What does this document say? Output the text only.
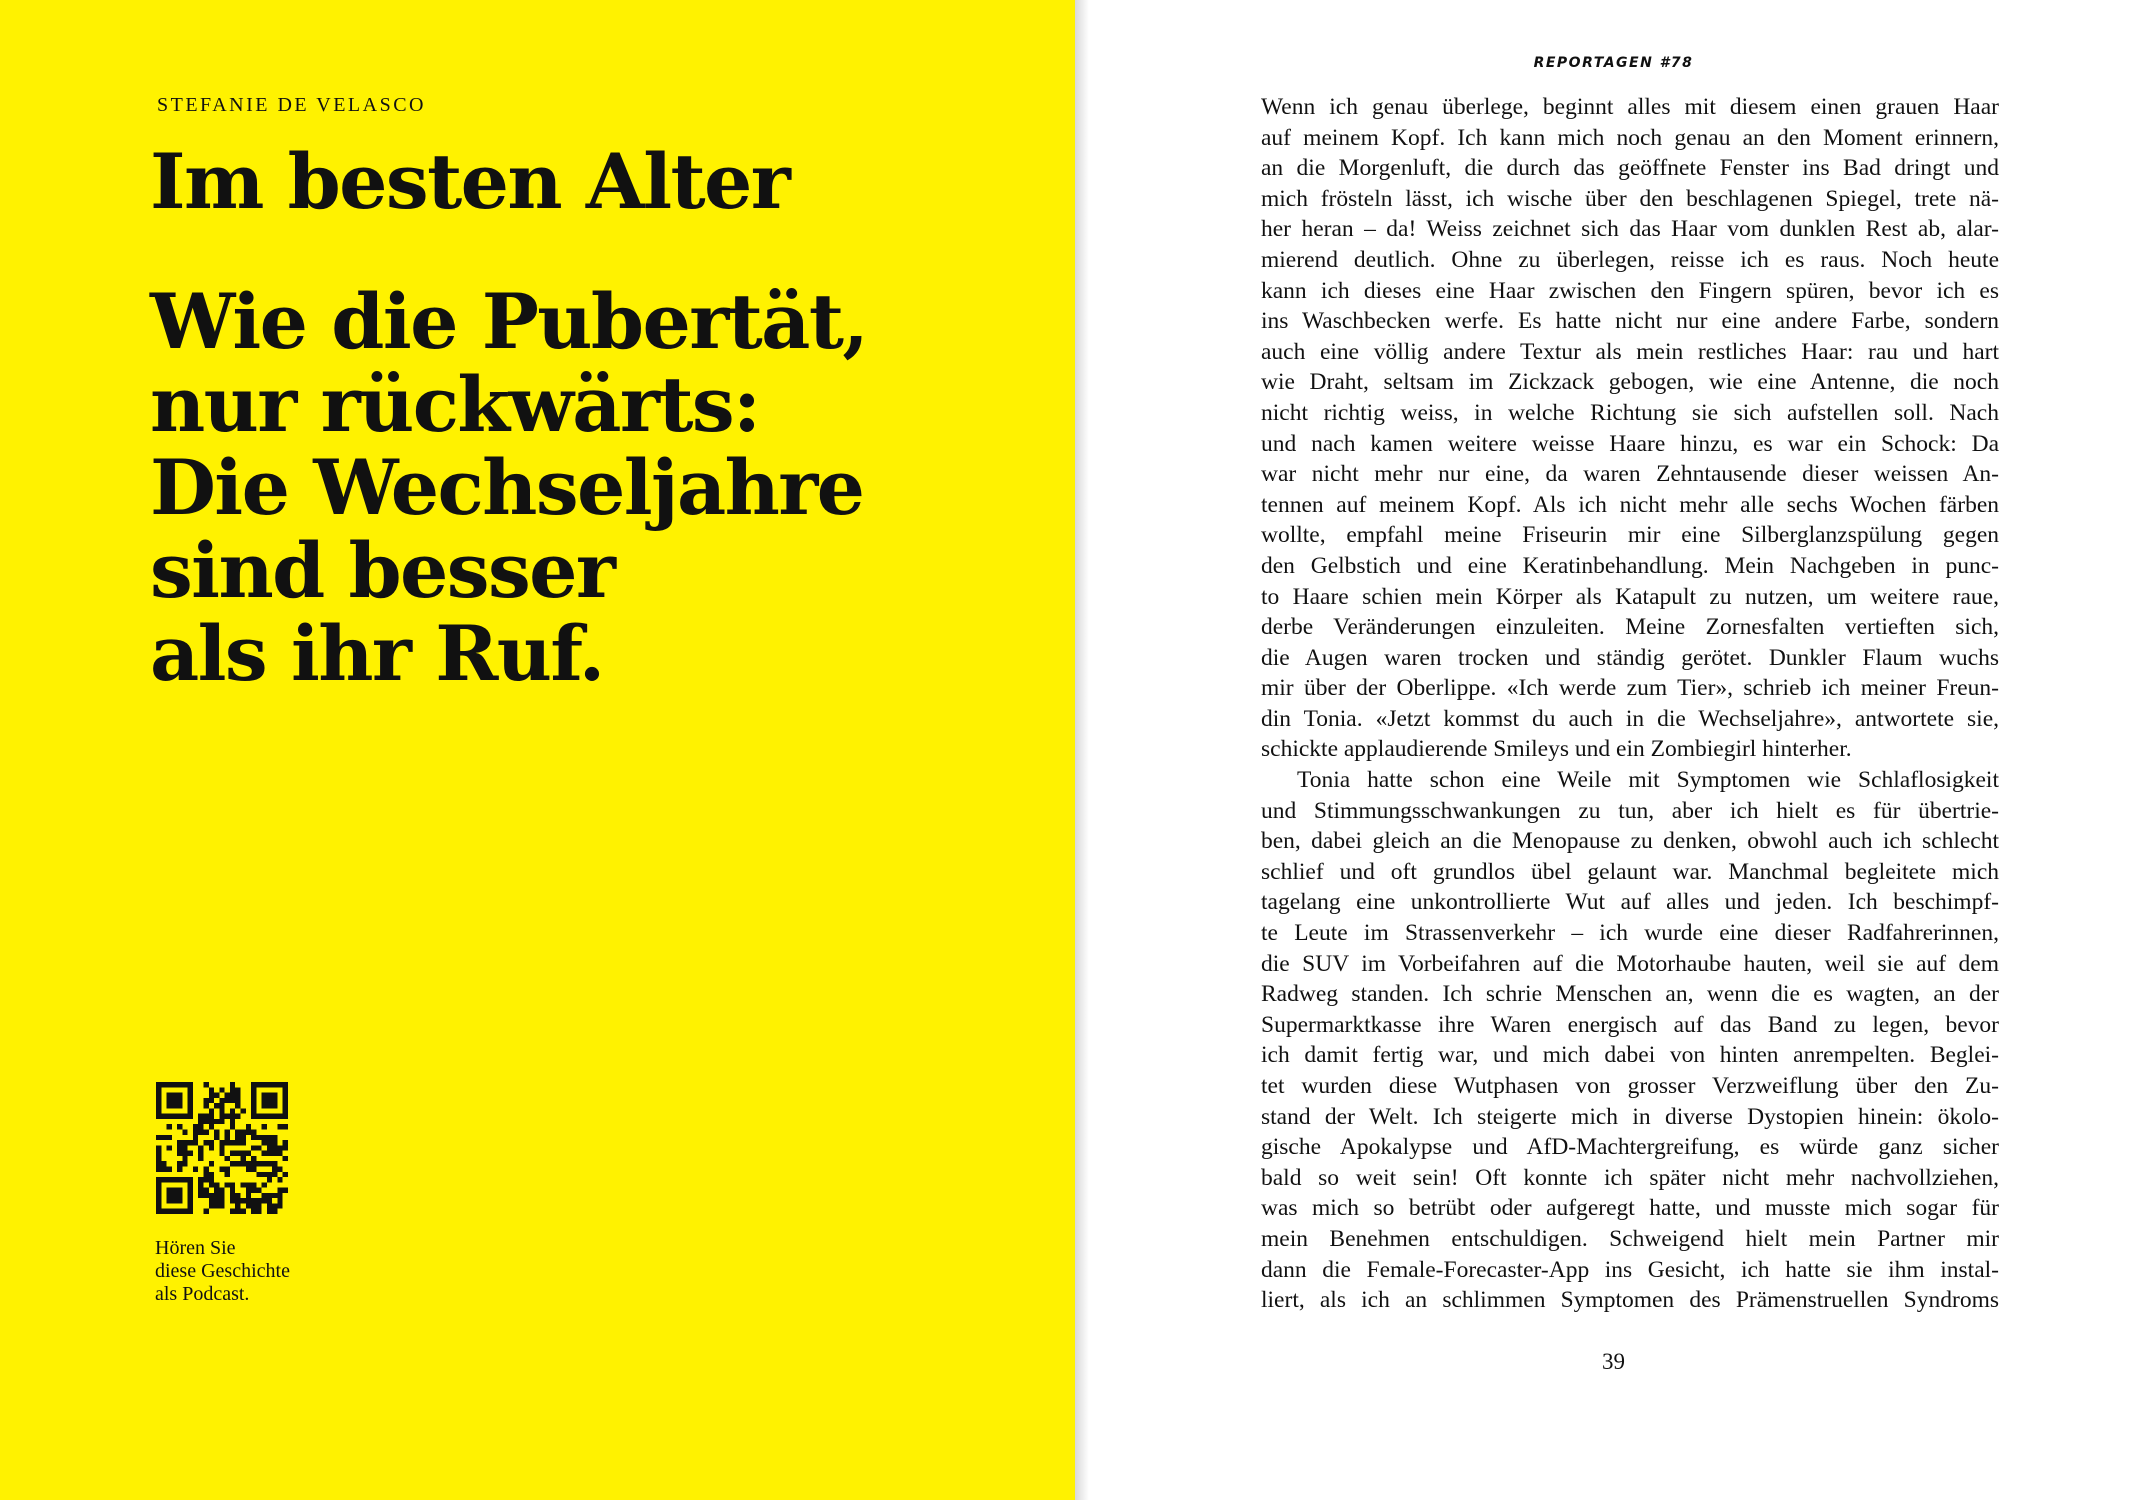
STEFANIE DE VELASCO
Im besten Alter
Wie die Pubertät,
nur rückwärts:
Die Wechseljahre
sind besser
als ihr Ruf.
Hören Sie
diese Geschichte
als Podcast.
REPORTAGEN #78
Wenn ich genau überlege, beginnt alles mit diesem einen grauen Haar
auf meinem Kopf. Ich kann mich noch genau an den Moment erinnern,
an die Morgenluft, die durch das geöffnete Fenster ins Bad dringt und
mich frösteln lässt, ich wische über den beschlagenen Spiegel, trete nä-
her heran – da! Weiss zeichnet sich das Haar vom dunklen Rest ab, alar-
mierend deutlich. Ohne zu überlegen, reisse ich es raus. Noch heute
kann ich dieses eine Haar zwischen den Fingern spüren, bevor ich es
ins Waschbecken werfe. Es hatte nicht nur eine andere Farbe, sondern
auch eine völlig andere Textur als mein restliches Haar: rau und hart
wie Draht, seltsam im Zickzack gebogen, wie eine Antenne, die noch
nicht richtig weiss, in welche Richtung sie sich aufstellen soll. Nach
und nach kamen weitere weisse Haare hinzu, es war ein Schock: Da
war nicht mehr nur eine, da waren Zehntausende dieser weissen An-
tennen auf meinem Kopf. Als ich nicht mehr alle sechs Wochen färben
wollte, empfahl meine Friseurin mir eine Silberglanzspülung gegen
den Gelbstich und eine Keratinbehandlung. Mein Nachgeben in punc-
to Haare schien mein Körper als Katapult zu nutzen, um weitere raue,
derbe Veränderungen einzuleiten. Meine Zornesfalten vertieften sich,
die Augen waren trocken und ständig gerötet. Dunkler Flaum wuchs
mir über der Oberlippe. «Ich werde zum Tier», schrieb ich meiner Freun-
din Tonia. «Jetzt kommst du auch in die Wechseljahre», antwortete sie,
schickte applaudierende Smileys und ein Zombiegirl hinterher.
Tonia hatte schon eine Weile mit Symptomen wie Schlaflosigkeit
und Stimmungsschwankungen zu tun, aber ich hielt es für übertrie-
ben, dabei gleich an die Menopause zu denken, obwohl auch ich schlecht
schlief und oft grundlos übel gelaunt war. Manchmal begleitete mich
tagelang eine unkontrollierte Wut auf alles und jeden. Ich beschimpf-
te Leute im Strassenverkehr – ich wurde eine dieser Radfahrerinnen,
die SUV im Vorbeifahren auf die Motorhaube hauten, weil sie auf dem
Radweg standen. Ich schrie Menschen an, wenn die es wagten, an der
Supermarktkasse ihre Waren energisch auf das Band zu legen, bevor
ich damit fertig war, und mich dabei von hinten anrempelten. Beglei-
tet wurden diese Wutphasen von grosser Verzweiflung über den Zu-
stand der Welt. Ich steigerte mich in diverse Dystopien hinein: ökolo-
gische Apokalypse und AfD-Machtergreifung, es würde ganz sicher
bald so weit sein! Oft konnte ich später nicht mehr nachvollziehen,
was mich so betrübt oder aufgeregt hatte, und musste mich sogar für
mein Benehmen entschuldigen. Schweigend hielt mein Partner mir
dann die Female-Forecaster-App ins Gesicht, ich hatte sie ihm instal-
liert, als ich an schlimmen Symptomen des Prämenstruellen Syndroms
39
